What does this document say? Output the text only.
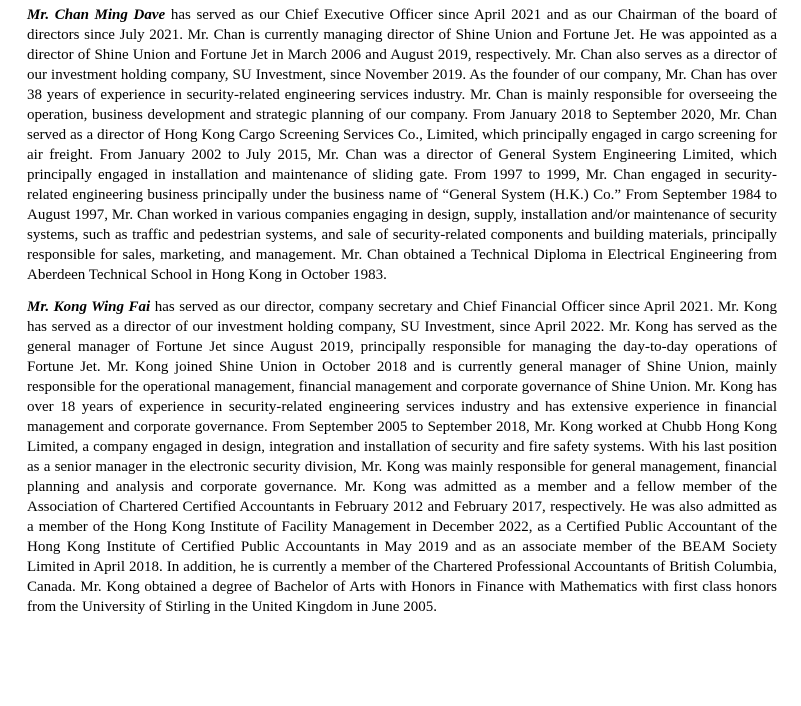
Mr. Chan Ming Dave has served as our Chief Executive Officer since April 2021 and as our Chairman of the board of directors since July 2021. Mr. Chan is currently managing director of Shine Union and Fortune Jet. He was appointed as a director of Shine Union and Fortune Jet in March 2006 and August 2019, respectively. Mr. Chan also serves as a director of our investment holding company, SU Investment, since November 2019. As the founder of our company, Mr. Chan has over 38 years of experience in security-related engineering services industry. Mr. Chan is mainly responsible for overseeing the operation, business development and strategic planning of our company. From January 2018 to September 2020, Mr. Chan served as a director of Hong Kong Cargo Screening Services Co., Limited, which principally engaged in cargo screening for air freight. From January 2002 to July 2015, Mr. Chan was a director of General System Engineering Limited, which principally engaged in installation and maintenance of sliding gate. From 1997 to 1999, Mr. Chan engaged in security-related engineering business principally under the business name of “General System (H.K.) Co.” From September 1984 to August 1997, Mr. Chan worked in various companies engaging in design, supply, installation and/or maintenance of security systems, such as traffic and pedestrian systems, and sale of security-related components and building materials, principally responsible for sales, marketing, and management. Mr. Chan obtained a Technical Diploma in Electrical Engineering from Aberdeen Technical School in Hong Kong in October 1983.

Mr. Kong Wing Fai has served as our director, company secretary and Chief Financial Officer since April 2021. Mr. Kong has served as a director of our investment holding company, SU Investment, since April 2022. Mr. Kong has served as the general manager of Fortune Jet since August 2019, principally responsible for managing the day-to-day operations of Fortune Jet. Mr. Kong joined Shine Union in October 2018 and is currently general manager of Shine Union, mainly responsible for the operational management, financial management and corporate governance of Shine Union. Mr. Kong has over 18 years of experience in security-related engineering services industry and has extensive experience in financial management and corporate governance. From September 2005 to September 2018, Mr. Kong worked at Chubb Hong Kong Limited, a company engaged in design, integration and installation of security and fire safety systems. With his last position as a senior manager in the electronic security division, Mr. Kong was mainly responsible for general management, financial planning and analysis and corporate governance. Mr. Kong was admitted as a member and a fellow member of the Association of Chartered Certified Accountants in February 2012 and February 2017, respectively. He was also admitted as a member of the Hong Kong Institute of Facility Management in December 2022, as a Certified Public Accountant of the Hong Kong Institute of Certified Public Accountants in May 2019 and as an associate member of the BEAM Society Limited in April 2018. In addition, he is currently a member of the Chartered Professional Accountants of British Columbia, Canada. Mr. Kong obtained a degree of Bachelor of Arts with Honors in Finance with Mathematics with first class honors from the University of Stirling in the United Kingdom in June 2005.
